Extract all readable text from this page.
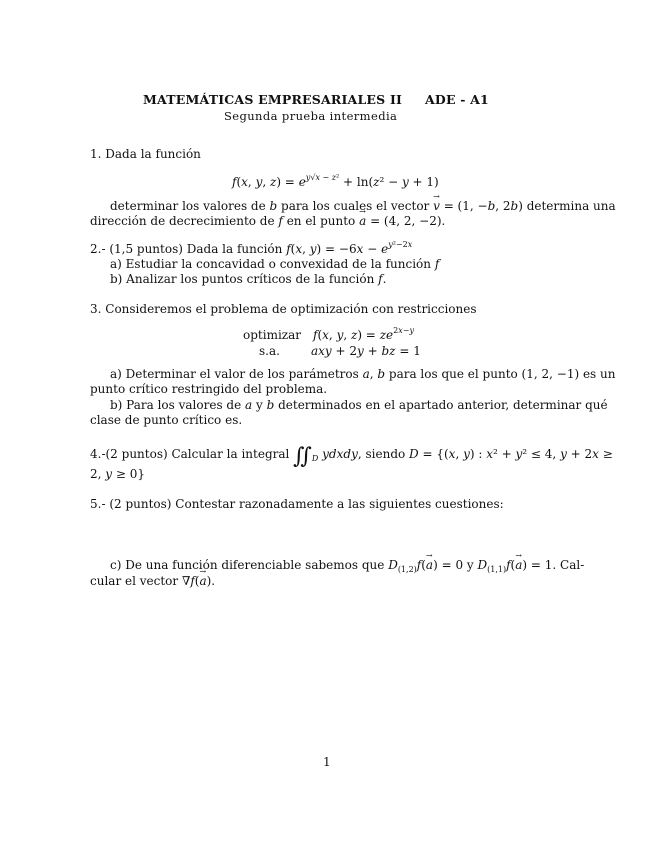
MATEMÁTICAS EMPRESARIALES II ADE - A1
Segunda prueba intermedia
1. Dada la función
f(x, y, $z) = e^{y√x - z^2} + \ln(z^2 - y + 1)$
determinar los valores de b para los cuales el vector → v = (1, −b, 2b) determina una
dirección de decrecimiento de f en el punto → a = (4, 2, −2).
2.- (1,5 puntos) Dada la función f(x, $y) = -6x - e^{y^2-2x}$
a) Estudiar la concavidad o convexidad de la función f
b) Analizar los puntos críticos de la función f.
3. Consideremos el problema de optimización con restricciones
optimizar f(x, y, $z) = ze^{2x-y}$
s.a.	axy + 2y + bz = 1
a) Determinar el valor de los parámetros a, b para los que el punto (1, 2, −1) es un
punto crítico restringido del problema.
b) Para los valores de a y b determinados en el apartado anterior, determinar qué
clase de punto crítico es.
4.-(2 puntos) Calcular la integral $∬_D$ ydxdy, siendo D = {(x, y) : x² + y² ≤ 4, y + 2x ≥
2, y ≥ 0}
5.- (2 puntos) Contestar razonadamente a las siguientes cuestiones:
c) De una función diferenciable sabemos que $D_{(1,2)}f(\to a) = 0$ y $D_{(1,1)}f(\to a) = 1$. Cal-
cular el vector ∇f(→ a).
1
